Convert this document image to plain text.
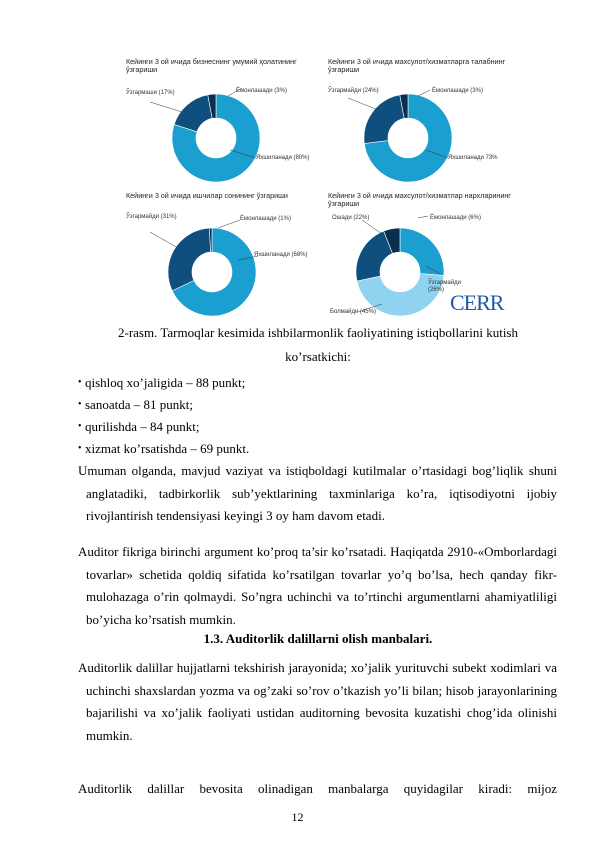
Кейинги 3 ой ичида бизнеснинг умумий ҳолатининг ўзгариши
Ўзгармаши (17%)	Ёмонлашади (3%)
Яхшиланади (80%)
Кейинги 3 ой ичида махсулот/хизматларга талабнинг ўзгариши
Ўзгармайди (24%)	Ёмонлашади (3%)
Яхшиланади 73%
Кейинги 3 ой ичида ишчилар сонининг ўзгариши
Ўзгармайди (31%)	Ёмонлашади (1%)
Яхшиланади (68%)
Кейинги 3 ой ичида махсулот/хизматлар нархларининг ўзгариши
Ошади (22%)	Ёмонлашади (6%)
Ўзгармайди (26%)
Болмайди (45%)	CERR
2-rasm. Tarmoqlar kesimida ishbilarmonlik faoliyatining istiqbollarini kutish
ko’rsatkichi:
• qishloq xo’jaligida – 88 punkt;
• sanoatda – 81 punkt;
• qurilishda – 84 punkt;
• xizmat ko’rsatishda – 69 punkt.
Umuman olganda, mavjud vaziyat va istiqboldagi kutilmalar o’rtasidagi bog’liqlik shuni anglatadiki, tadbirkorlik sub’yektlarining taxminlariga ko’ra, iqtisodiyotni ijobiy rivojlantirish tendensiyasi keyingi 3 oy ham davom etadi.
Auditor fikriga birinchi argument ko’proq ta’sir ko’rsatadi. Haqiqatda 2910-«Omborlardagi tovarlar» schetida qoldiq sifatida ko’rsatilgan tovarlar yo’q bo’lsa, hech qanday fikr-mulohazaga o’rin qolmaydi. So’ngra uchinchi va to’rtinchi argumentlarni ahamiyatliligi bo’yicha ko’rsatish mumkin.
1.3. Auditorlik dalillarni olish manbalari.
Auditorlik dalillar hujjatlarni tekshirish jarayonida; xo’jalik yurituvchi subekt xodimlari va uchinchi shaxslardan yozma va og’zaki so’rov o’tkazish yo’li bilan; hisob jarayonlarining bajarilishi va xo’jalik faoliyati ustidan auditorning bevosita kuzatishi chog’ida olinishi mumkin.
Auditorlik dalillar bevosita olinadigan manbalarga quyidagilar kiradi: mijoz
12
